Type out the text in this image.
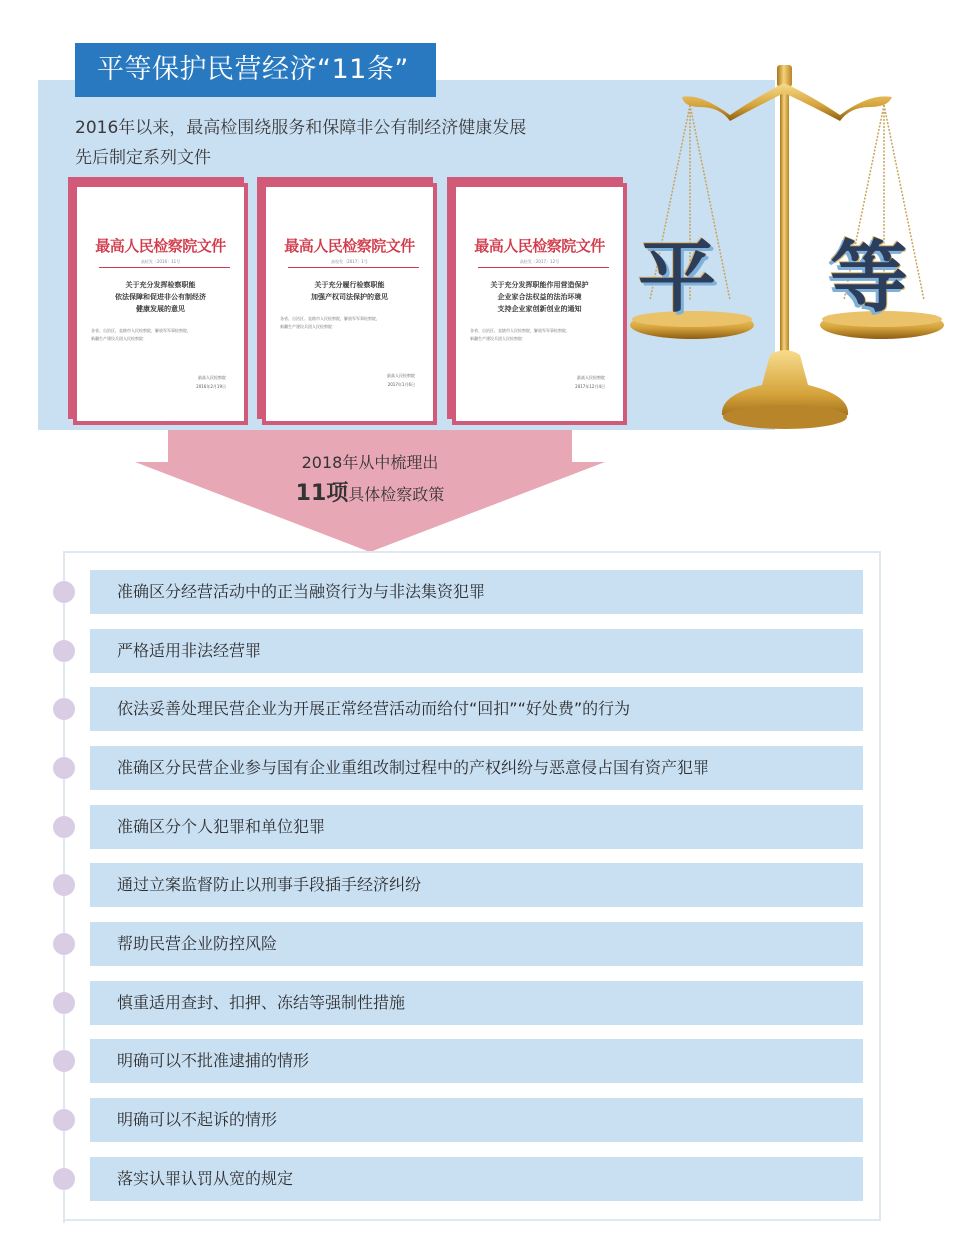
平等保护民营经济“11条”
2016年以来，最高检围绕服务和保障非公有制经济健康发展
先后制定系列文件
最高人民检察院文件
高检发〔2016〕11号
关于充分发挥检察职能
依法保障和促进非公有制经济
健康发展的意见
各省、自治区、直辖市人民检察院，解放军军事检察院，
新疆生产建设兵团人民检察院：
最高人民检察院
2016年2月19日
最高人民检察院文件
高检发〔2017〕1号
关于充分履行检察职能
加强产权司法保护的意见
各省、自治区、直辖市人民检察院，解放军军事检察院，
新疆生产建设兵团人民检察院：
最高人民检察院
2017年1月6日
最高人民检察院文件
高检发〔2017〕12号
关于充分发挥职能作用营造保护
企业家合法权益的法治环境
支持企业家创新创业的通知
各省、自治区、直辖市人民检察院，解放军军事检察院，
新疆生产建设兵团人民检察院：
最高人民检察院
2017年12月4日
平 等
2018年从中梳理出
11项具体检察政策
准确区分经营活动中的正当融资行为与非法集资犯罪
严格适用非法经营罪
依法妥善处理民营企业为开展正常经营活动而给付“回扣”“好处费”的行为
准确区分民营企业参与国有企业重组改制过程中的产权纠纷与恶意侵占国有资产犯罪
准确区分个人犯罪和单位犯罪
通过立案监督防止以刑事手段插手经济纠纷
帮助民营企业防控风险
慎重适用查封、扣押、冻结等强制性措施
明确可以不批准逮捕的情形
明确可以不起诉的情形
落实认罪认罚从宽的规定
